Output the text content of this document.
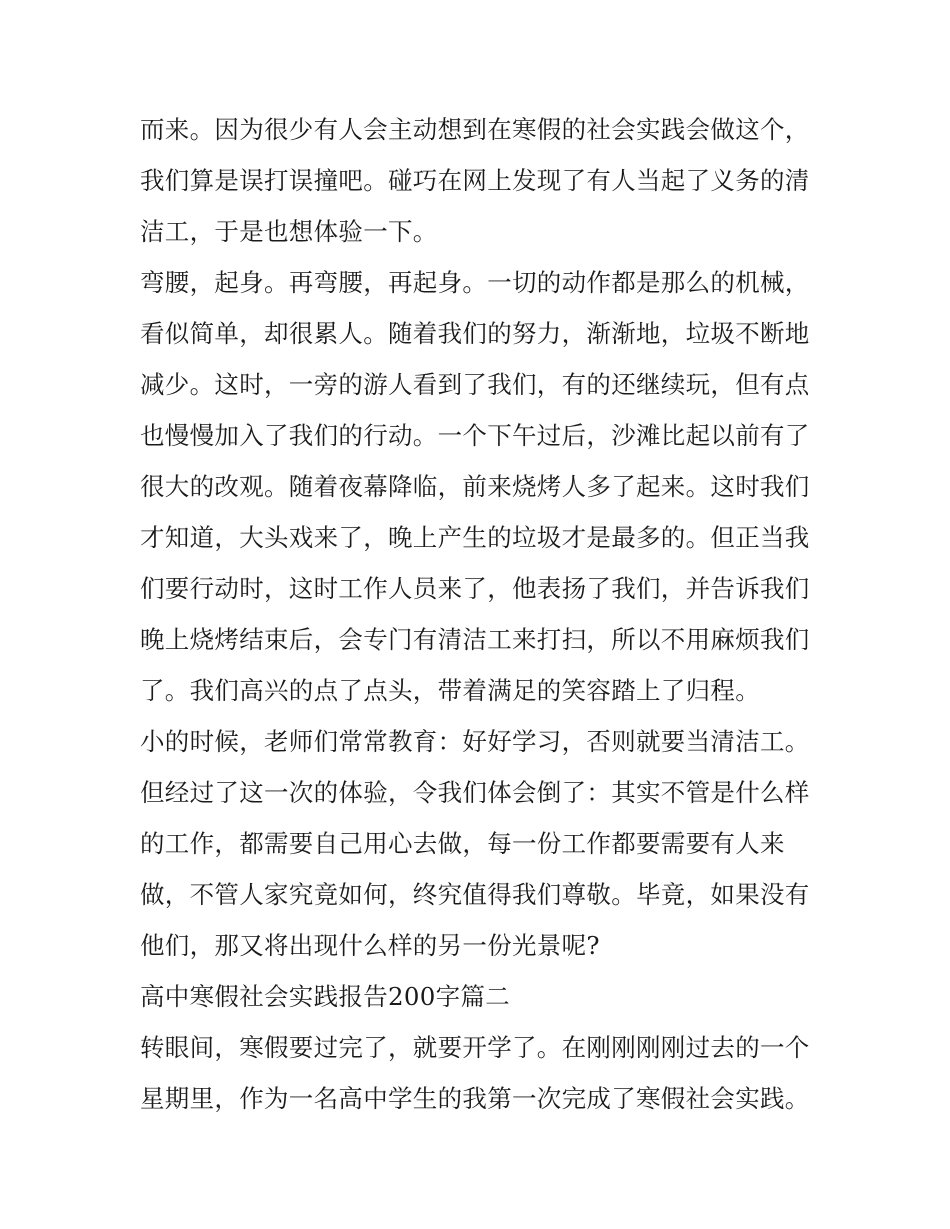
而来。因为很少有人会主动想到在寒假的社会实践会做这个，
我们算是误打误撞吧。碰巧在网上发现了有人当起了义务的清
洁工，于是也想体验一下。
弯腰，起身。再弯腰，再起身。一切的动作都是那么的机械，
看似简单，却很累人。随着我们的努力，渐渐地，垃圾不断地
减少。这时，一旁的游人看到了我们，有的还继续玩，但有点
也慢慢加入了我们的行动。一个下午过后，沙滩比起以前有了
很大的改观。随着夜幕降临，前来烧烤人多了起来。这时我们
才知道，大头戏来了，晚上产生的垃圾才是最多的。但正当我
们要行动时，这时工作人员来了，他表扬了我们，并告诉我们
晚上烧烤结束后，会专门有清洁工来打扫，所以不用麻烦我们
了。我们高兴的点了点头，带着满足的笑容踏上了归程。
小的时候，老师们常常教育：好好学习，否则就要当清洁工。
但经过了这一次的体验，令我们体会倒了：其实不管是什么样
的工作，都需要自己用心去做，每一份工作都要需要有人来
做，不管人家究竟如何，终究值得我们尊敬。毕竟，如果没有
他们，那又将出现什么样的另一份光景呢?
高中寒假社会实践报告200字篇二
转眼间，寒假要过完了，就要开学了。在刚刚刚刚过去的一个
星期里，作为一名高中学生的我第一次完成了寒假社会实践。
